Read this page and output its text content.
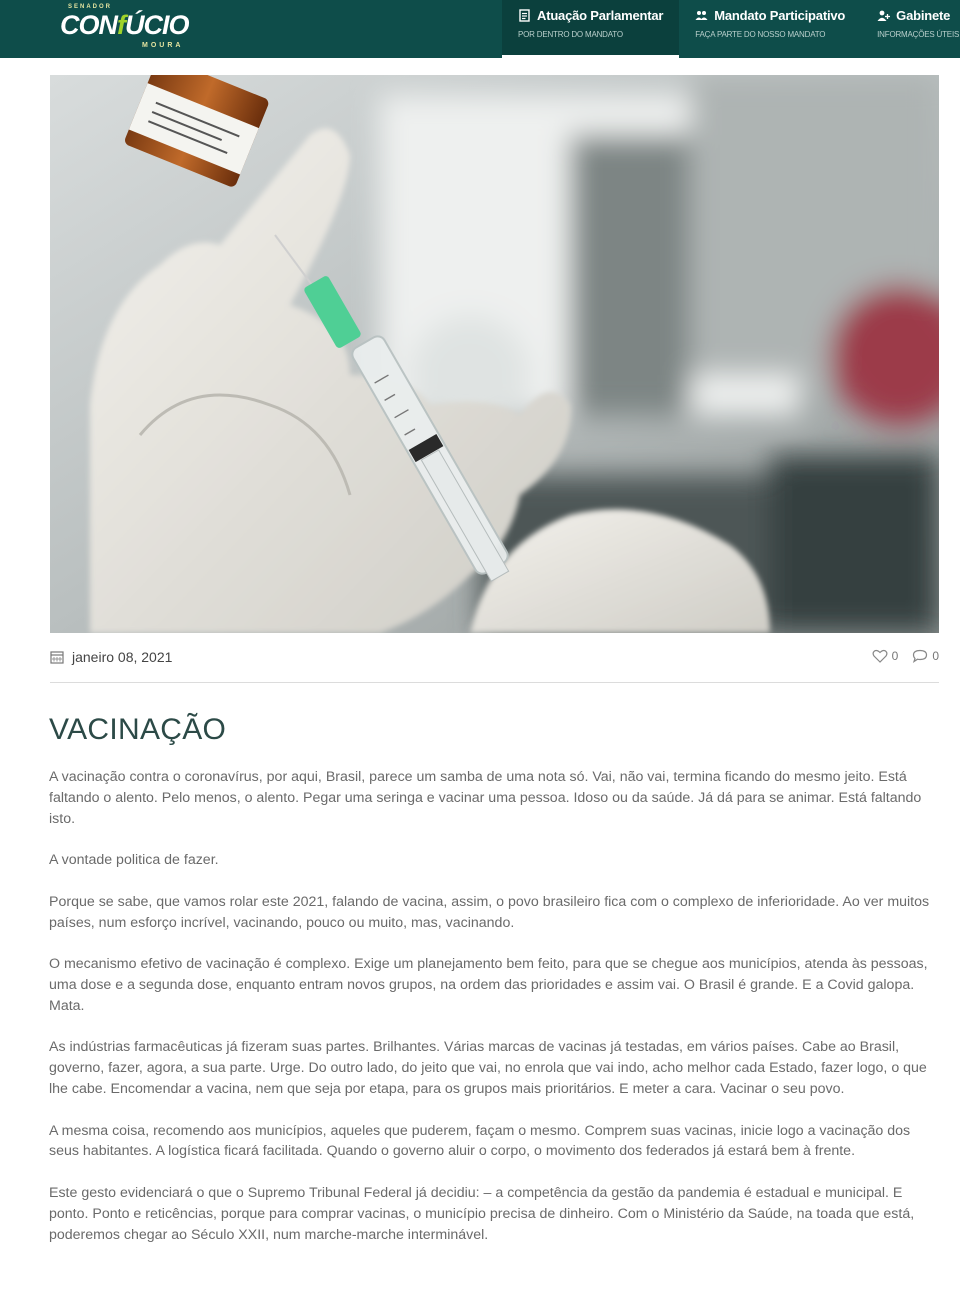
SENADOR
CONfÚCIO
MOURA
Atuação Parlamentar
POR DENTRO DO MANDATO
Mandato Participativo
FAÇA PARTE DO NOSSO MANDATO
Gabinete
INFORMAÇÕES ÚTEIS
janeiro 08, 2021	0	0
VACINAÇÃO

A vacinação contra o coronavírus, por aqui, Brasil, parece um samba de uma nota só. Vai, não vai, termina ficando do mesmo jeito. Está faltando o alento. Pelo menos, o alento. Pegar uma seringa e vacinar uma pessoa. Idoso ou da saúde. Já dá para se animar. Está faltando isto.

A vontade politica de fazer.

Porque se sabe, que vamos rolar este 2021, falando de vacina, assim, o povo brasileiro fica com o complexo de inferioridade. Ao ver muitos países, num esforço incrível, vacinando, pouco ou muito, mas, vacinando.

O mecanismo efetivo de vacinação é complexo. Exige um planejamento bem feito, para que se chegue aos municípios, atenda às pessoas, uma dose e a segunda dose, enquanto entram novos grupos, na ordem das prioridades e assim vai. O Brasil é grande. E a Covid galopa. Mata.

As indústrias farmacêuticas já fizeram suas partes. Brilhantes. Várias marcas de vacinas já testadas, em vários países. Cabe ao Brasil, governo, fazer, agora, a sua parte. Urge. Do outro lado, do jeito que vai, no enrola que vai indo, acho melhor cada Estado, fazer logo, o que lhe cabe. Encomendar a vacina, nem que seja por etapa, para os grupos mais prioritários. E meter a cara. Vacinar o seu povo.

A mesma coisa, recomendo aos municípios, aqueles que puderem, façam o mesmo. Comprem suas vacinas, inicie logo a vacinação dos seus habitantes. A logística ficará facilitada. Quando o governo aluir o corpo, o movimento dos federados já estará bem à frente.

Este gesto evidenciará o que o Supremo Tribunal Federal já decidiu: – a competência da gestão da pandemia é estadual e municipal. E ponto. Ponto e reticências, porque para comprar vacinas, o município precisa de dinheiro. Com o Ministério da Saúde, na toada que está, poderemos chegar ao Século XXII, num marche-marche interminável.
